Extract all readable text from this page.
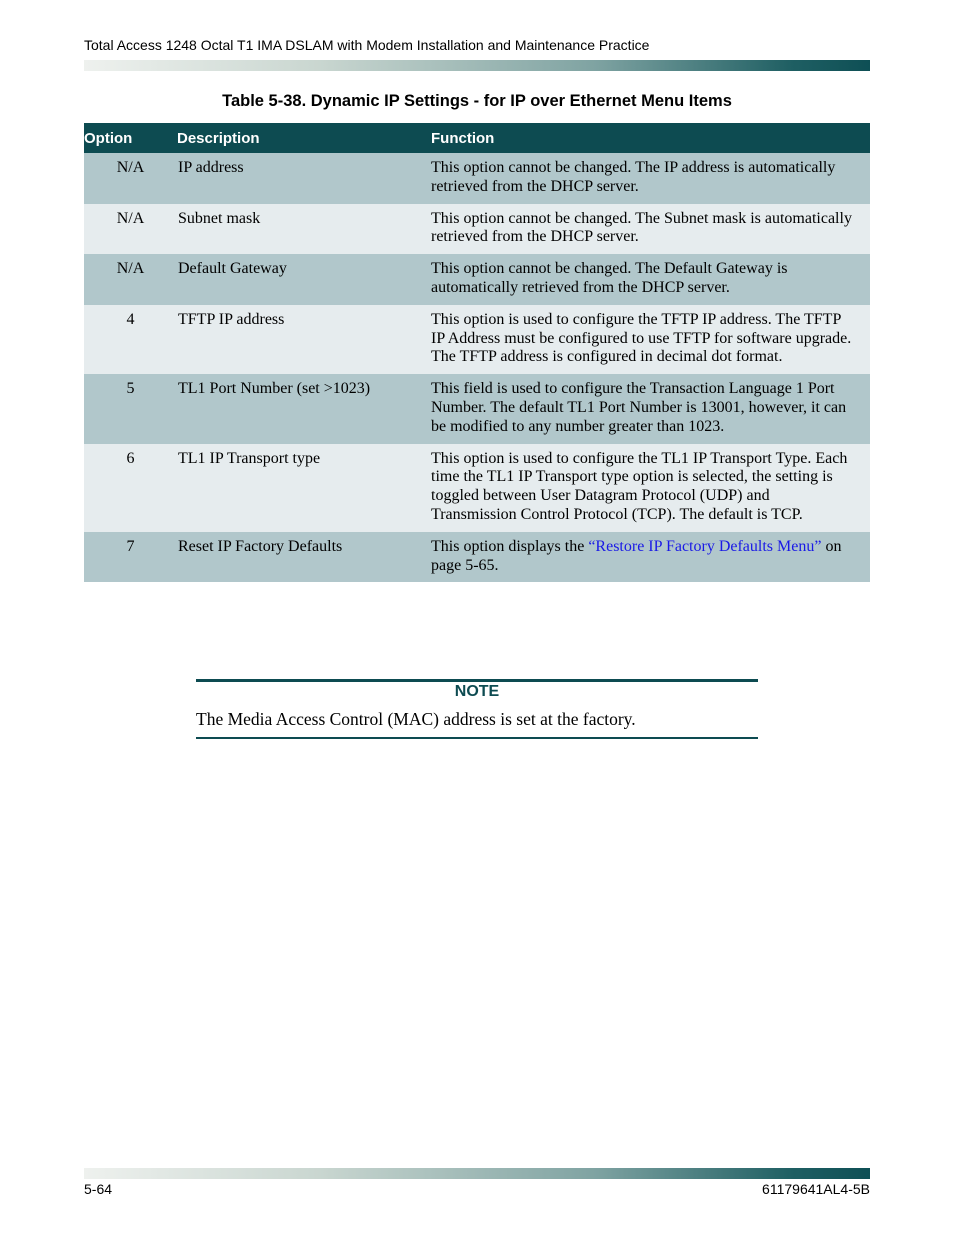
Total Access 1248 Octal T1 IMA DSLAM with Modem Installation and Maintenance Practice
Table 5-38. Dynamic IP Settings - for IP over Ethernet Menu Items
Option	Description	Function
N/A	IP address	This option cannot be changed. The IP address is automatically retrieved from the DHCP server.
N/A	Subnet mask	This option cannot be changed. The Subnet mask is automatically retrieved from the DHCP server.
N/A	Default Gateway	This option cannot be changed. The Default Gateway is automatically retrieved from the DHCP server.
4	TFTP IP address	This option is used to configure the TFTP IP address. The TFTP IP Address must be configured to use TFTP for software upgrade. The TFTP address is configured in decimal dot format.
5	TL1 Port Number (set >1023)	This field is used to configure the Transaction Language 1 Port Number. The default TL1 Port Number is 13001, however, it can be modified to any number greater than 1023.
6	TL1 IP Transport type	This option is used to configure the TL1 IP Transport Type. Each time the TL1 IP Transport type option is selected, the setting is toggled between User Datagram Protocol (UDP) and Transmission Control Protocol (TCP). The default is TCP.
7	Reset IP Factory Defaults	This option displays the “Restore IP Factory Defaults Menu” on page 5-65.
NOTE
The Media Access Control (MAC) address is set at the factory.
5-64	61179641AL4-5B
